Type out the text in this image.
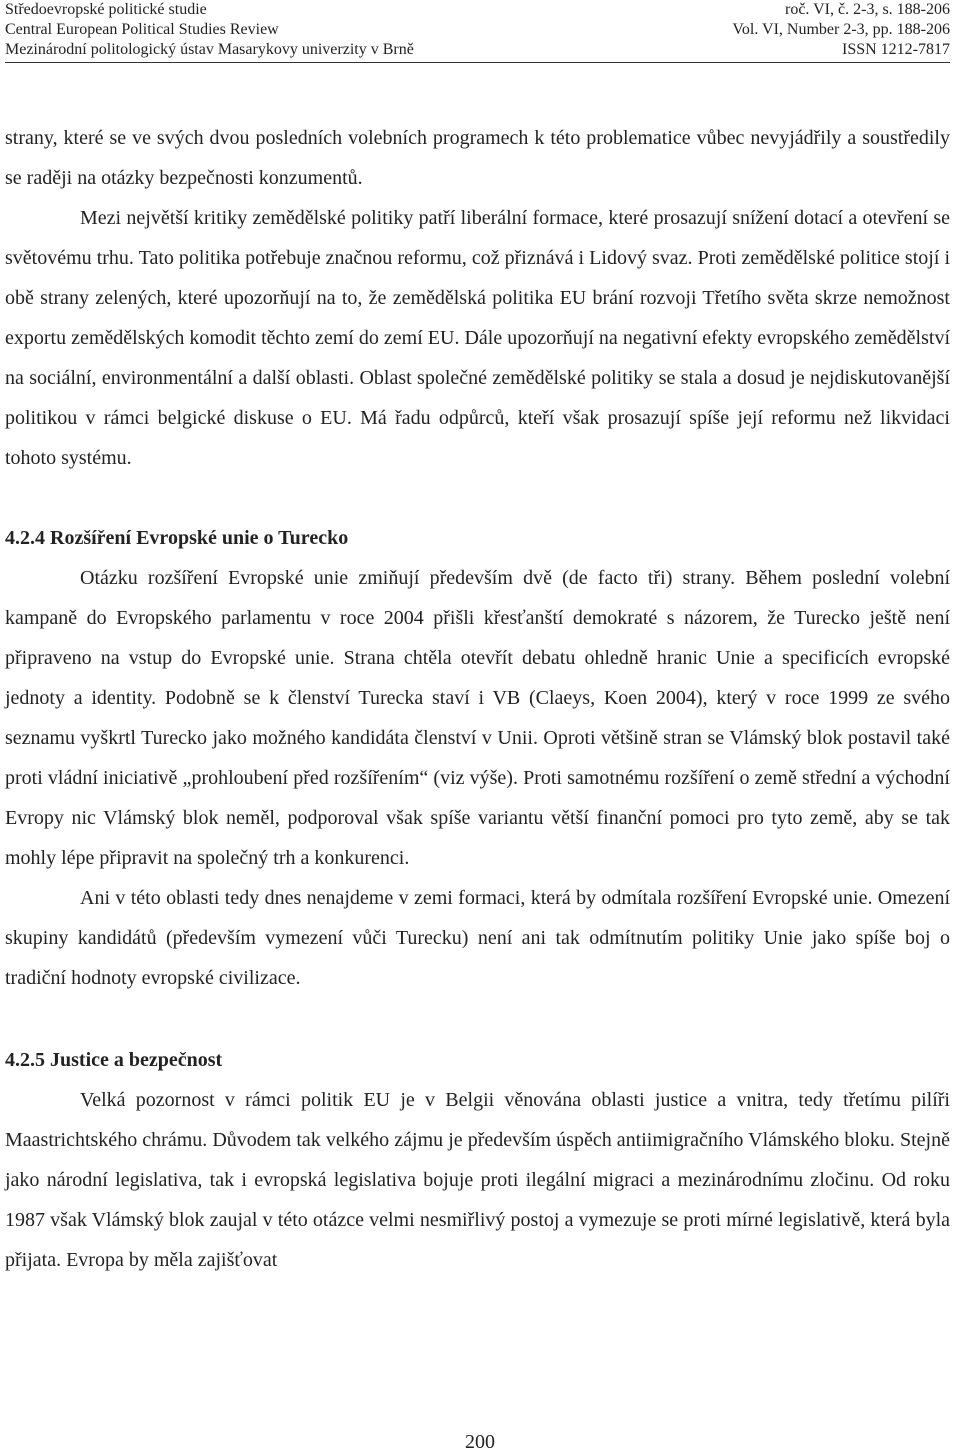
Středoevropské politické studie	roč. VI, č. 2-3, s. 188-206
Central European Political Studies Review	Vol. VI, Number 2-3, pp. 188-206
Mezinárodní politologický ústav Masarykovy univerzity v Brně	ISSN 1212-7817

strany, které se ve svých dvou posledních volebních programech k této problematice vůbec nevyjádřily a soustředily se raději na otázky bezpečnosti konzumentů.

Mezi největší kritiky zemědělské politiky patří liberální formace, které prosazují snížení dotací a otevření se světovému trhu. Tato politika potřebuje značnou reformu, což přiznává i Lidový svaz. Proti zemědělské politice stojí i obě strany zelených, které upozorňují na to, že zemědělská politika EU brání rozvoji Třetího světa skrze nemožnost exportu zemědělských komodit těchto zemí do zemí EU. Dále upozorňují na negativní efekty evropského zemědělství na sociální, environmentální a další oblasti. Oblast společné zemědělské politiky se stala a dosud je nejdiskutovanější politikou v rámci belgické diskuse o EU. Má řadu odpůrců, kteří však prosazují spíše její reformu než likvidaci tohoto systému.

4.2.4 Rozšíření Evropské unie o Turecko

Otázku rozšíření Evropské unie zmiňují především dvě (de facto tři) strany. Během poslední volební kampaně do Evropského parlamentu v roce 2004 přišli křesťanští demokraté s názorem, že Turecko ještě není připraveno na vstup do Evropské unie. Strana chtěla otevřít debatu ohledně hranic Unie a specificích evropské jednoty a identity. Podobně se k členství Turecka staví i VB (Claeys, Koen 2004), který v roce 1999 ze svého seznamu vyškrtl Turecko jako možného kandidáta členství v Unii. Oproti většině stran se Vlámský blok postavil také proti vládní iniciativě „prohloubení před rozšířením“ (viz výše). Proti samotnému rozšíření o země střední a východní Evropy nic Vlámský blok neměl, podporoval však spíše variantu větší finanční pomoci pro tyto země, aby se tak mohly lépe připravit na společný trh a konkurenci.

Ani v této oblasti tedy dnes nenajdeme v zemi formaci, která by odmítala rozšíření Evropské unie. Omezení skupiny kandidátů (především vymezení vůči Turecku) není ani tak odmítnutím politiky Unie jako spíše boj o tradiční hodnoty evropské civilizace.

4.2.5 Justice a bezpečnost

Velká pozornost v rámci politik EU je v Belgii věnována oblasti justice a vnitra, tedy třetímu pilíři Maastrichtského chrámu. Důvodem tak velkého zájmu je především úspěch antiimigračního Vlámského bloku. Stejně jako národní legislativa, tak i evropská legislativa bojuje proti ilegální migraci a mezinárodnímu zločinu. Od roku 1987 však Vlámský blok zaujal v této otázce velmi nesmiřlivý postoj a vymezuje se proti mírné legislativě, která byla přijata. Evropa by měla zajišťovat

200
